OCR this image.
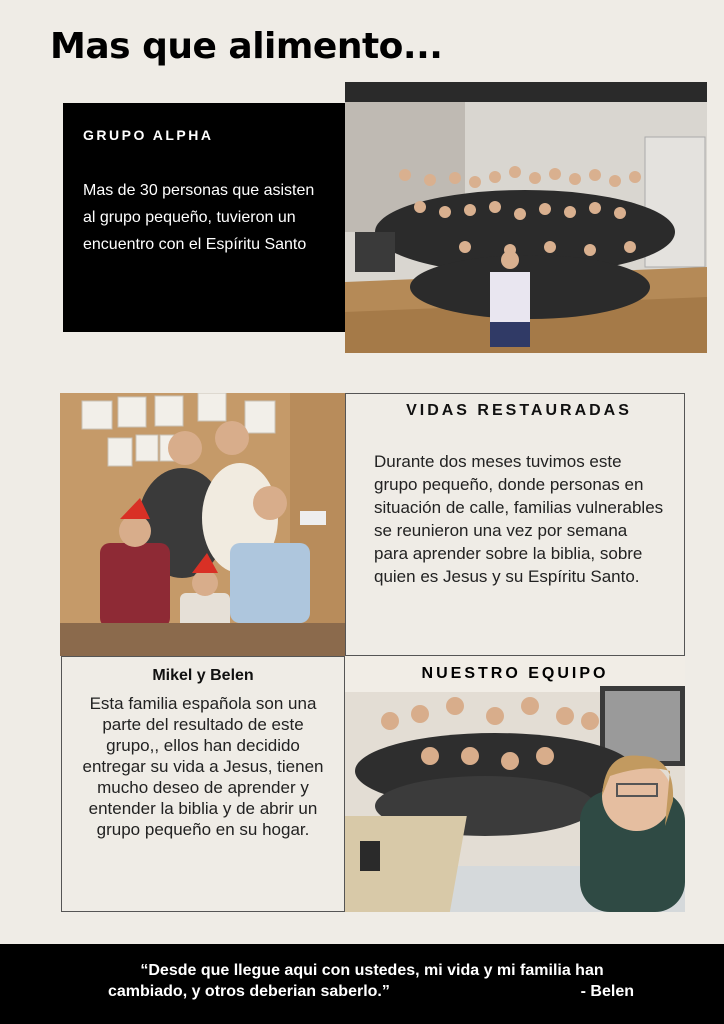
Mas que alimento...
GRUPO ALPHA
Mas de 30 personas que asisten al grupo pequeño, tuvieron un encuentro con el Espíritu Santo
VIDAS RESTAURADAS
Durante dos meses tuvimos este grupo pequeño, donde personas en situación de calle, familias vulnerables se reunieron una vez por semana para aprender sobre la biblia, sobre quien es Jesus y su Espíritu Santo.
Mikel y Belen
Esta familia española son una parte del resultado de este grupo,, ellos han decidido entregar su vida a Jesus, tienen mucho deseo de aprender y entender la biblia y de abrir un grupo pequeño en su hogar.
NUESTRO EQUIPO
“Desde que llegue aqui con ustedes, mi vida y mi familia han
cambiado, y otros deberian saberlo.”	- Belen
